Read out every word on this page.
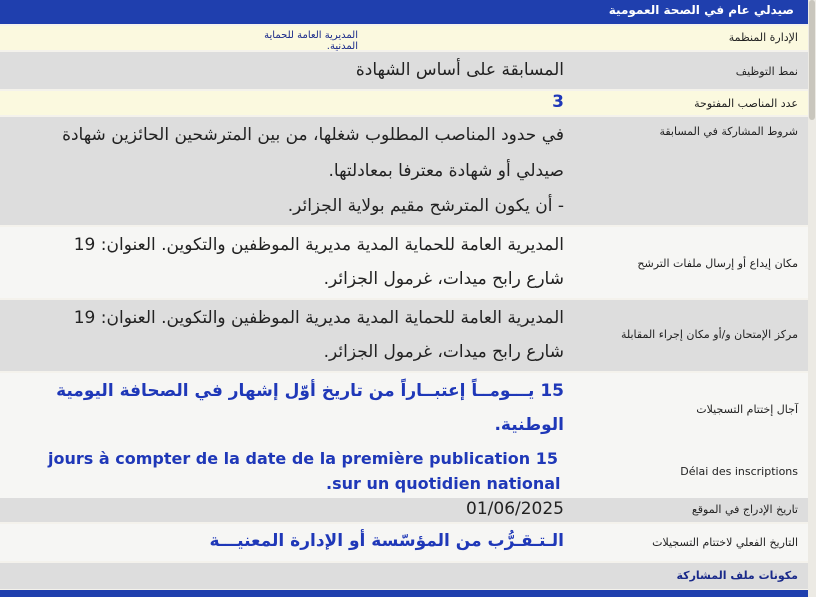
صيدلي عام في الصحة العمومية
الإدارة المنظمة
المديرية العامة للحماية المدنية.
نمط التوظيف
المسابقة على أساس الشهادة
عدد المناصب المفتوحة
3
شروط المشاركة في المسابقة
في حدود المناصب المطلوب شغلها، من بين المترشحين الحائزين شهادة
صيدلي أو شهادة معترفا بمعادلتها.
- أن يكون المترشح مقيم بولاية الجزائر.
مكان إيداع أو إرسال ملفات الترشح
المديرية العامة للحماية المدية مديرية الموظفين والتكوين. العنوان: 19
شارع رابح ميدات، غرمول الجزائر.
مركز الإمتحان و/أو مكان إجراء المقابلة
المديرية العامة للحماية المدية مديرية الموظفين والتكوين. العنوان: 19
شارع رابح ميدات، غرمول الجزائر.
آجال إختتام التسجيلات
15 يـــومــاً إعتبــاراً من تاريخ أوّل إشهار في الصحافة اليومية
الوطنية.
Délai des inscriptions
jours à compter de la date de la première publication 15
.sur un quotidien national
تاريخ الإدراج في الموقع
01/06/2025
التاريخ الفعلي لاختتام التسجيلات
الـتـقـرُّب من المؤسّسة أو الإدارة المعنيـــة
مكونات ملف المشاركة
